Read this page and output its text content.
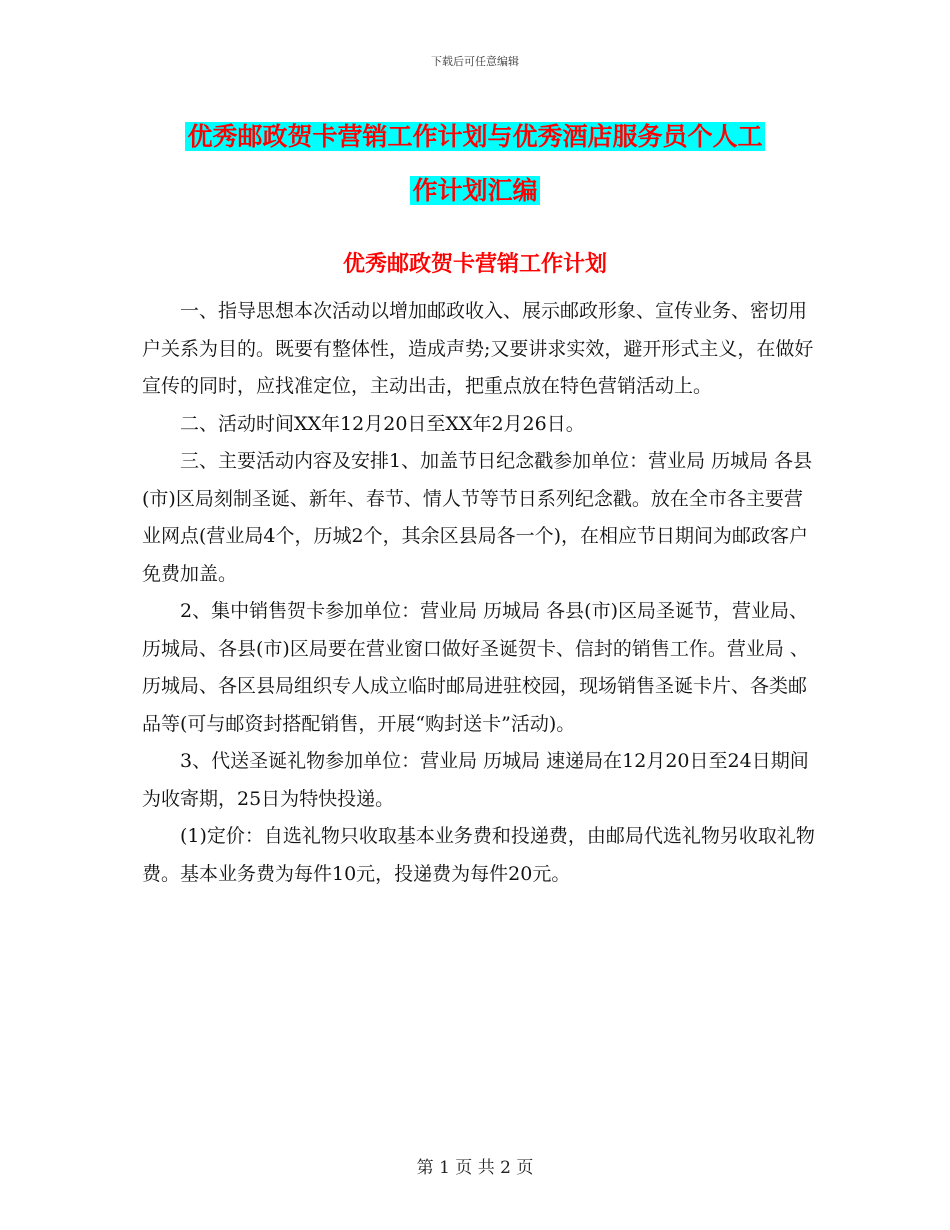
下载后可任意编辑
优秀邮政贺卡营销工作计划与优秀酒店服务员个人工
作计划汇编
优秀邮政贺卡营销工作计划

一、指导思想本次活动以增加邮政收入、展示邮政形象、宣传业务、密切用户关系为目的。既要有整体性，造成声势;又要讲求实效，避开形式主义，在做好宣传的同时，应找准定位，主动出击，把重点放在特色营销活动上。

二、活动时间XX年12月20日至XX年2月26日。

三、主要活动内容及安排1、加盖节日纪念戳参加单位：营业局 历城局 各县(市)区局刻制圣诞、新年、春节、情人节等节日系列纪念戳。放在全市各主要营业网点(营业局4个，历城2个，其余区县局各一个)，在相应节日期间为邮政客户免费加盖。

2、集中销售贺卡参加单位：营业局 历城局 各县(市)区局圣诞节，营业局、历城局、各县(市)区局要在营业窗口做好圣诞贺卡、信封的销售工作。营业局 、历城局、各区县局组织专人成立临时邮局进驻校园，现场销售圣诞卡片、各类邮品等(可与邮资封搭配销售，开展“购封送卡”活动)。

3、代送圣诞礼物参加单位：营业局 历城局 速递局在12月20日至24日期间为收寄期，25日为特快投递。

(1)定价：自选礼物只收取基本业务费和投递费，由邮局代选礼物另收取礼物费。基本业务费为每件10元，投递费为每件20元。

第 1 页 共 2 页
